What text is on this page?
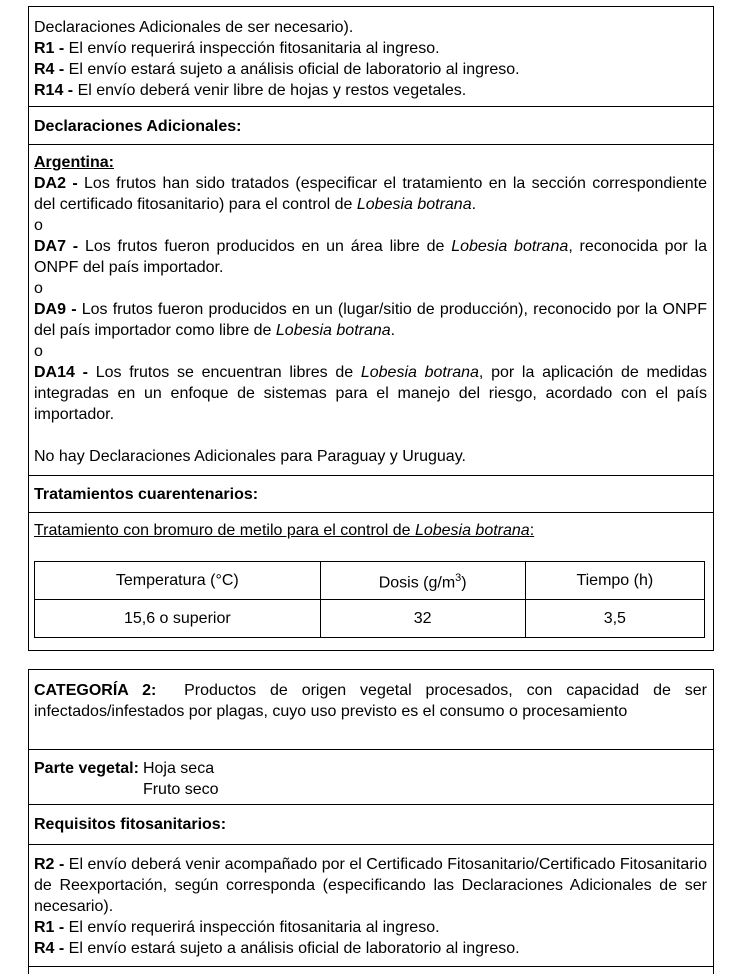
Declaraciones Adicionales de ser necesario).
R1 - El envío requerirá inspección fitosanitaria al ingreso.
R4 - El envío estará sujeto a análisis oficial de laboratorio al ingreso.
R14 - El envío deberá venir libre de hojas y restos vegetales.
Declaraciones Adicionales:
Argentina:
DA2 - Los frutos han sido tratados (especificar el tratamiento en la sección correspondiente del certificado fitosanitario) para el control de Lobesia botrana.
o
DA7 - Los frutos fueron producidos en un área libre de Lobesia botrana, reconocida por la ONPF del país importador.
o
DA9 - Los frutos fueron producidos en un (lugar/sitio de producción), reconocido por la ONPF del país importador como libre de Lobesia botrana.
o
DA14 - Los frutos se encuentran libres de Lobesia botrana, por la aplicación de medidas integradas en un enfoque de sistemas para el manejo del riesgo, acordado con el país importador.
No hay Declaraciones Adicionales para Paraguay y Uruguay.
Tratamientos cuarentenarios:
Tratamiento con bromuro de metilo para el control de Lobesia botrana:
Temperatura (°C)	Dosis $(g/m^3)$	Tiempo (h)
15,6 o superior	32	3,5
CATEGORÍA 2: Productos de origen vegetal procesados, con capacidad de ser infectados/infestados por plagas, cuyo uso previsto es el consumo o procesamiento
Parte vegetal: Hoja seca
Fruto seco
Requisitos fitosanitarios:
R2 - El envío deberá venir acompañado por el Certificado Fitosanitario/Certificado Fitosanitario de Reexportación, según corresponda (especificando las Declaraciones Adicionales de ser necesario).
R1 - El envío requerirá inspección fitosanitaria al ingreso.
R4 - El envío estará sujeto a análisis oficial de laboratorio al ingreso.
